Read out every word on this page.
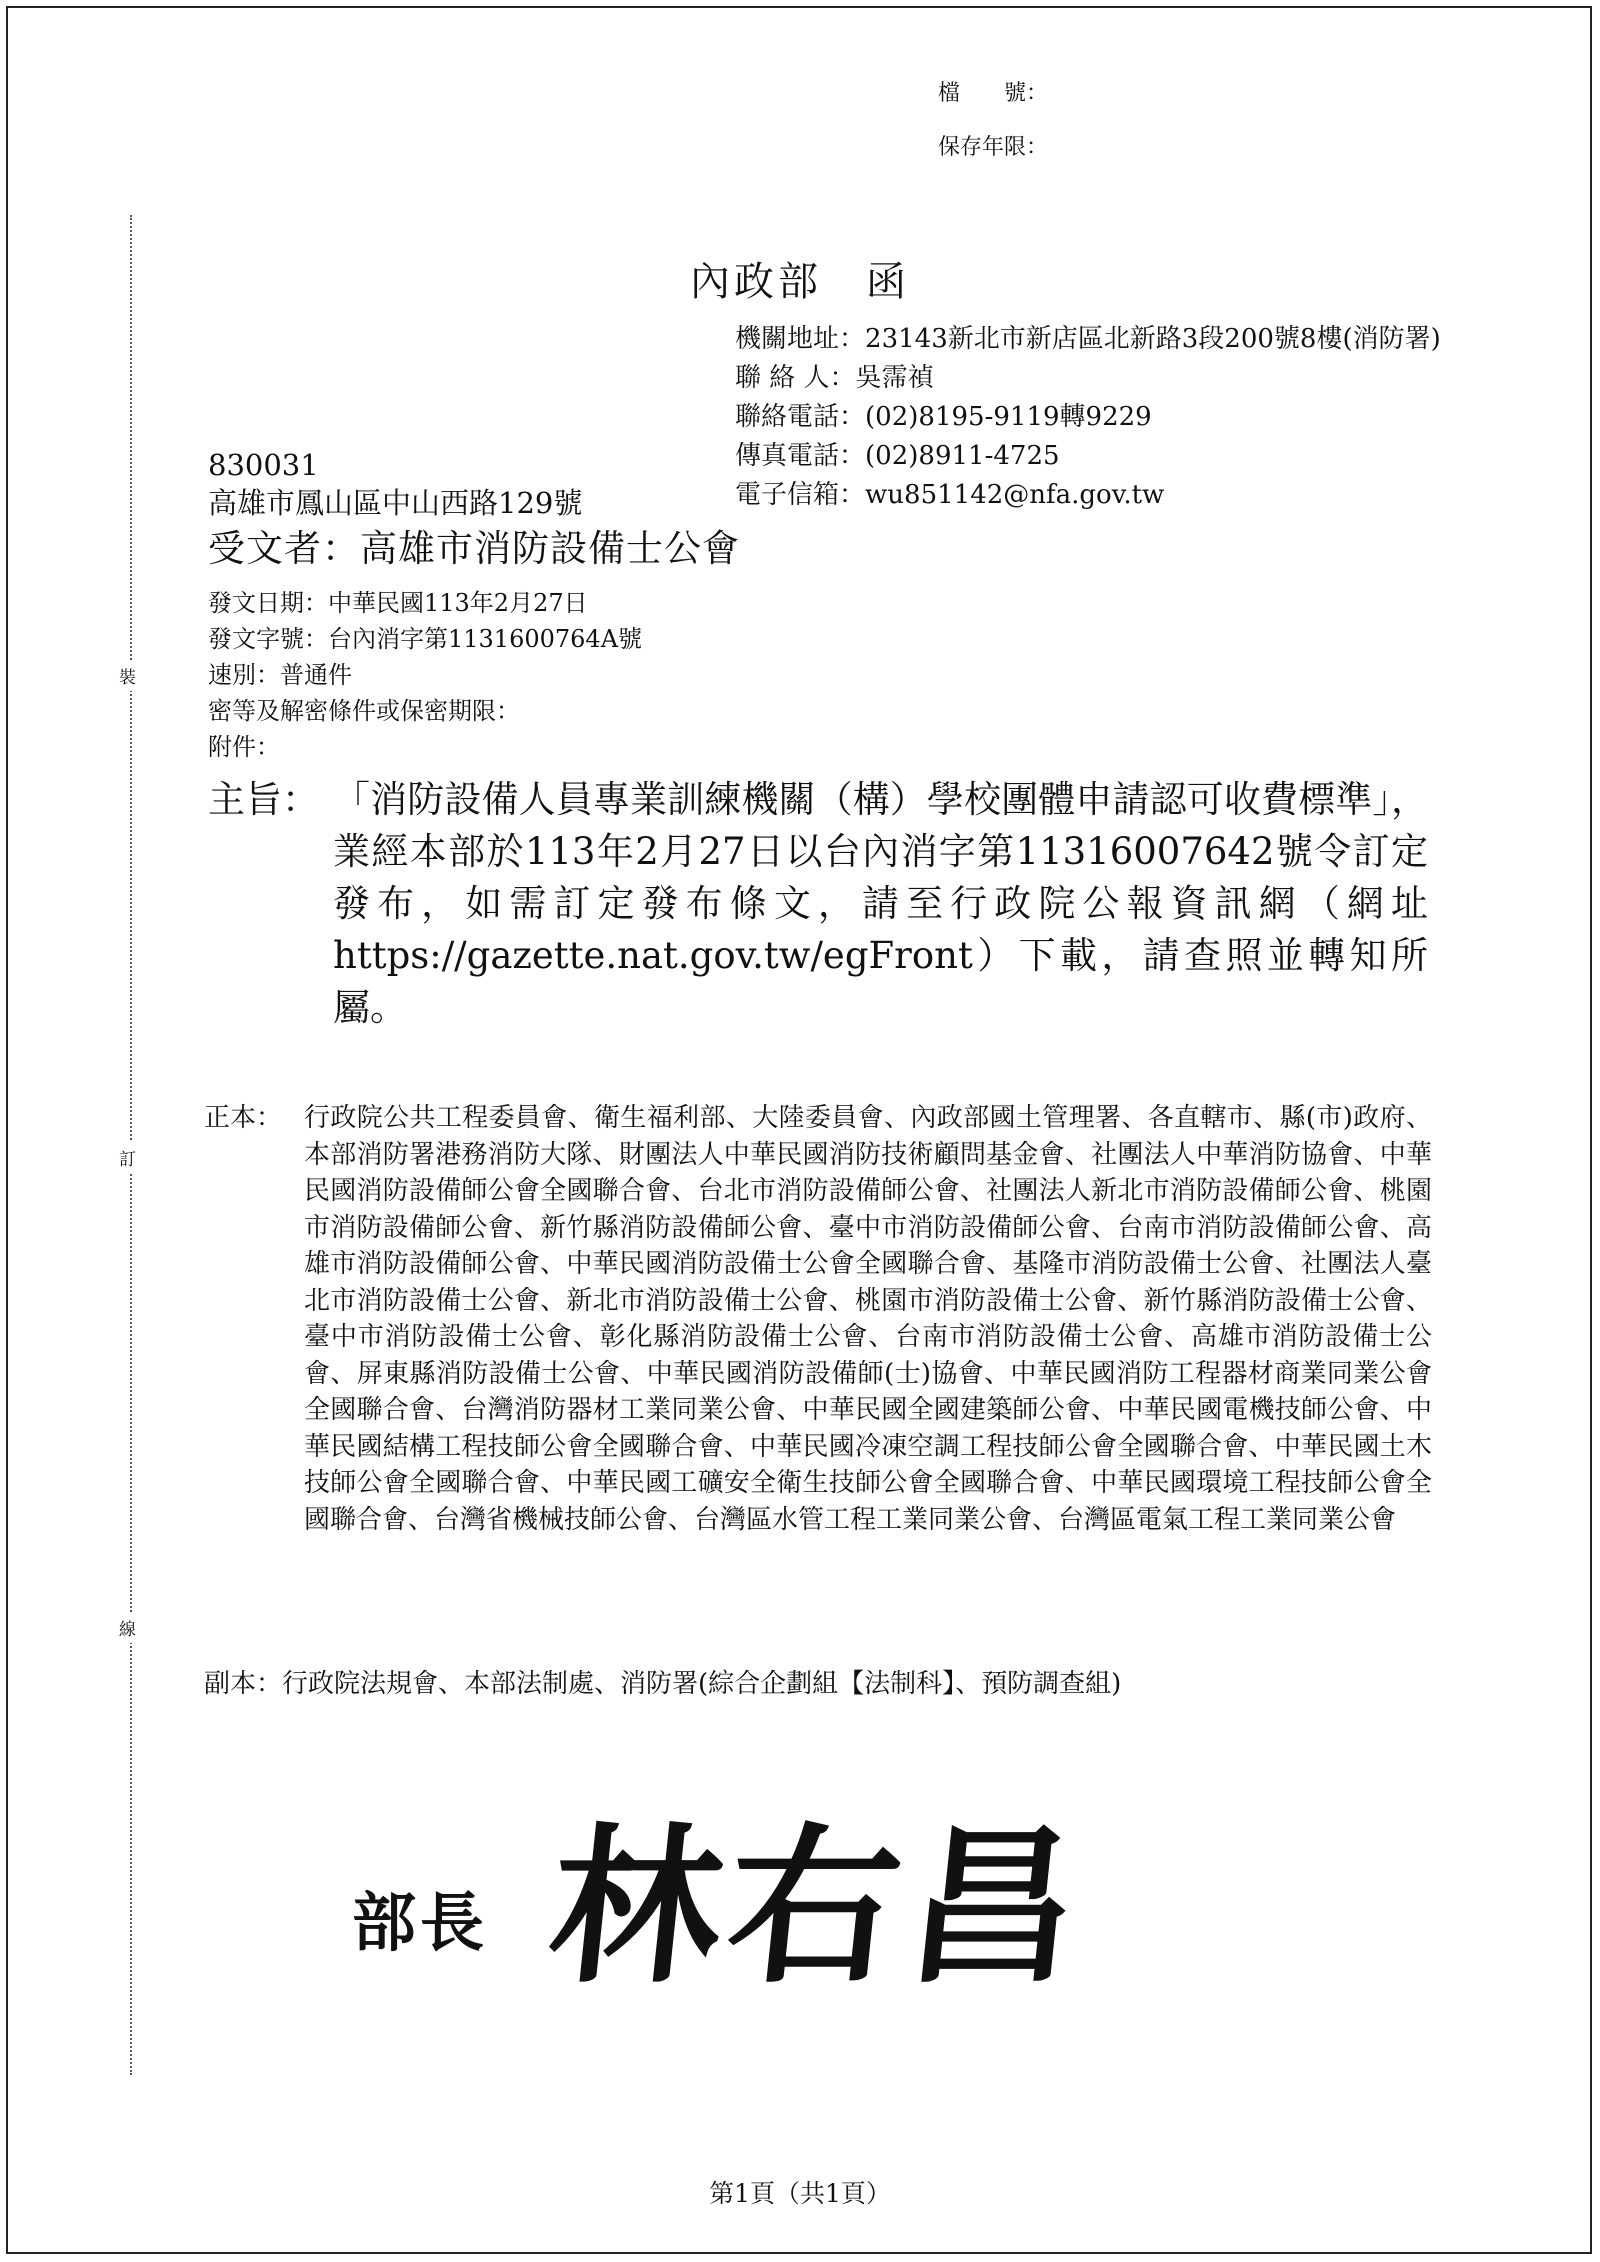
裝
訂
線
檔　　號：
保存年限：
內政部　函
機關地址：23143新北市新店區北新路3段200號8樓(消防署)
聯 絡 人：吳霈禎
聯絡電話：(02)8195-9119轉9229
傳真電話：(02)8911-4725
電子信箱：wu851142@nfa.gov.tw
830031
高雄市鳳山區中山西路129號
受文者：高雄市消防設備士公會
發文日期：中華民國113年2月27日
發文字號：台內消字第1131600764A號
速別：普通件
密等及解密條件或保密期限：
附件：
主旨： 「消防設備人員專業訓練機關（構）學校團體申請認可收費標準」，業經本部於113年2月27日以台內消字第11316007642號令訂定發布，如需訂定發布條文，請至行政院公報資訊網（網址https://gazette.nat.gov.tw/egFront）下載，請查照並轉知所屬。
正本： 行政院公共工程委員會、衛生福利部、大陸委員會、內政部國土管理署、各直轄市、縣(市)政府、本部消防署港務消防大隊、財團法人中華民國消防技術顧問基金會、社團法人中華消防協會、中華民國消防設備師公會全國聯合會、台北市消防設備師公會、社團法人新北市消防設備師公會、桃園市消防設備師公會、新竹縣消防設備師公會、臺中市消防設備師公會、台南市消防設備師公會、高雄市消防設備師公會、中華民國消防設備士公會全國聯合會、基隆市消防設備士公會、社團法人臺北市消防設備士公會、新北市消防設備士公會、桃園市消防設備士公會、新竹縣消防設備士公會、臺中市消防設備士公會、彰化縣消防設備士公會、台南市消防設備士公會、高雄市消防設備士公會、屏東縣消防設備士公會、中華民國消防設備師(士)協會、中華民國消防工程器材商業同業公會全國聯合會、台灣消防器材工業同業公會、中華民國全國建築師公會、中華民國電機技師公會、中華民國結構工程技師公會全國聯合會、中華民國冷凍空調工程技師公會全國聯合會、中華民國土木技師公會全國聯合會、中華民國工礦安全衛生技師公會全國聯合會、中華民國環境工程技師公會全國聯合會、台灣省機械技師公會、台灣區水管工程工業同業公會、台灣區電氣工程工業同業公會
副本：行政院法規會、本部法制處、消防署(綜合企劃組【法制科】、預防調查組)
部長 林右昌
第1頁（共1頁）
